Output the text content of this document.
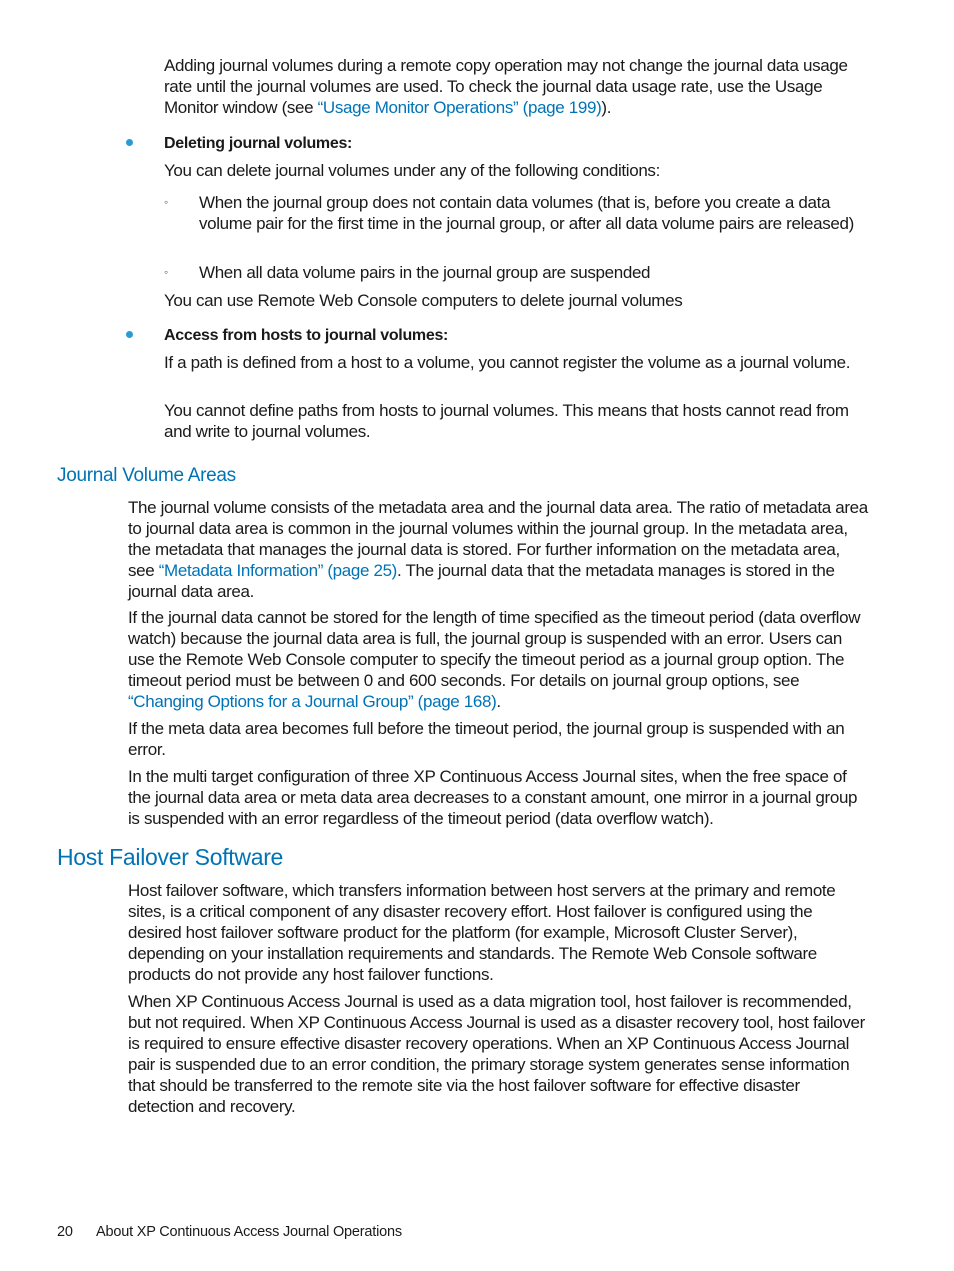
Adding journal volumes during a remote copy operation may not change the journal data usage rate until the journal volumes are used. To check the journal data usage rate, use the Usage Monitor window (see “Usage Monitor Operations” (page 199)).

Deleting journal volumes:

You can delete journal volumes under any of the following conditions:

◦ When the journal group does not contain data volumes (that is, before you create a data volume pair for the first time in the journal group, or after all data volume pairs are released)
◦ When all data volume pairs in the journal group are suspended

You can use Remote Web Console computers to delete journal volumes

Access from hosts to journal volumes:

If a path is defined from a host to a volume, you cannot register the volume as a journal volume.

You cannot define paths from hosts to journal volumes. This means that hosts cannot read from and write to journal volumes.

Journal Volume Areas

The journal volume consists of the metadata area and the journal data area. The ratio of metadata area to journal data area is common in the journal volumes within the journal group. In the metadata area, the metadata that manages the journal data is stored. For further information on the metadata area, see “Metadata Information” (page 25). The journal data that the metadata manages is stored in the journal data area.

If the journal data cannot be stored for the length of time specified as the timeout period (data overflow watch) because the journal data area is full, the journal group is suspended with an error. Users can use the Remote Web Console computer to specify the timeout period as a journal group option. The timeout period must be between 0 and 600 seconds. For details on journal group options, see “Changing Options for a Journal Group” (page 168).

If the meta data area becomes full before the timeout period, the journal group is suspended with an error.

In the multi target configuration of three XP Continuous Access Journal sites, when the free space of the journal data area or meta data area decreases to a constant amount, one mirror in a journal group is suspended with an error regardless of the timeout period (data overflow watch).

Host Failover Software

Host failover software, which transfers information between host servers at the primary and remote sites, is a critical component of any disaster recovery effort. Host failover is configured using the desired host failover software product for the platform (for example, Microsoft Cluster Server), depending on your installation requirements and standards. The Remote Web Console software products do not provide any host failover functions.

When XP Continuous Access Journal is used as a data migration tool, host failover is recommended, but not required. When XP Continuous Access Journal is used as a disaster recovery tool, host failover is required to ensure effective disaster recovery operations. When an XP Continuous Access Journal pair is suspended due to an error condition, the primary storage system generates sense information that should be transferred to the remote site via the host failover software for effective disaster detection and recovery.

20 About XP Continuous Access Journal Operations
